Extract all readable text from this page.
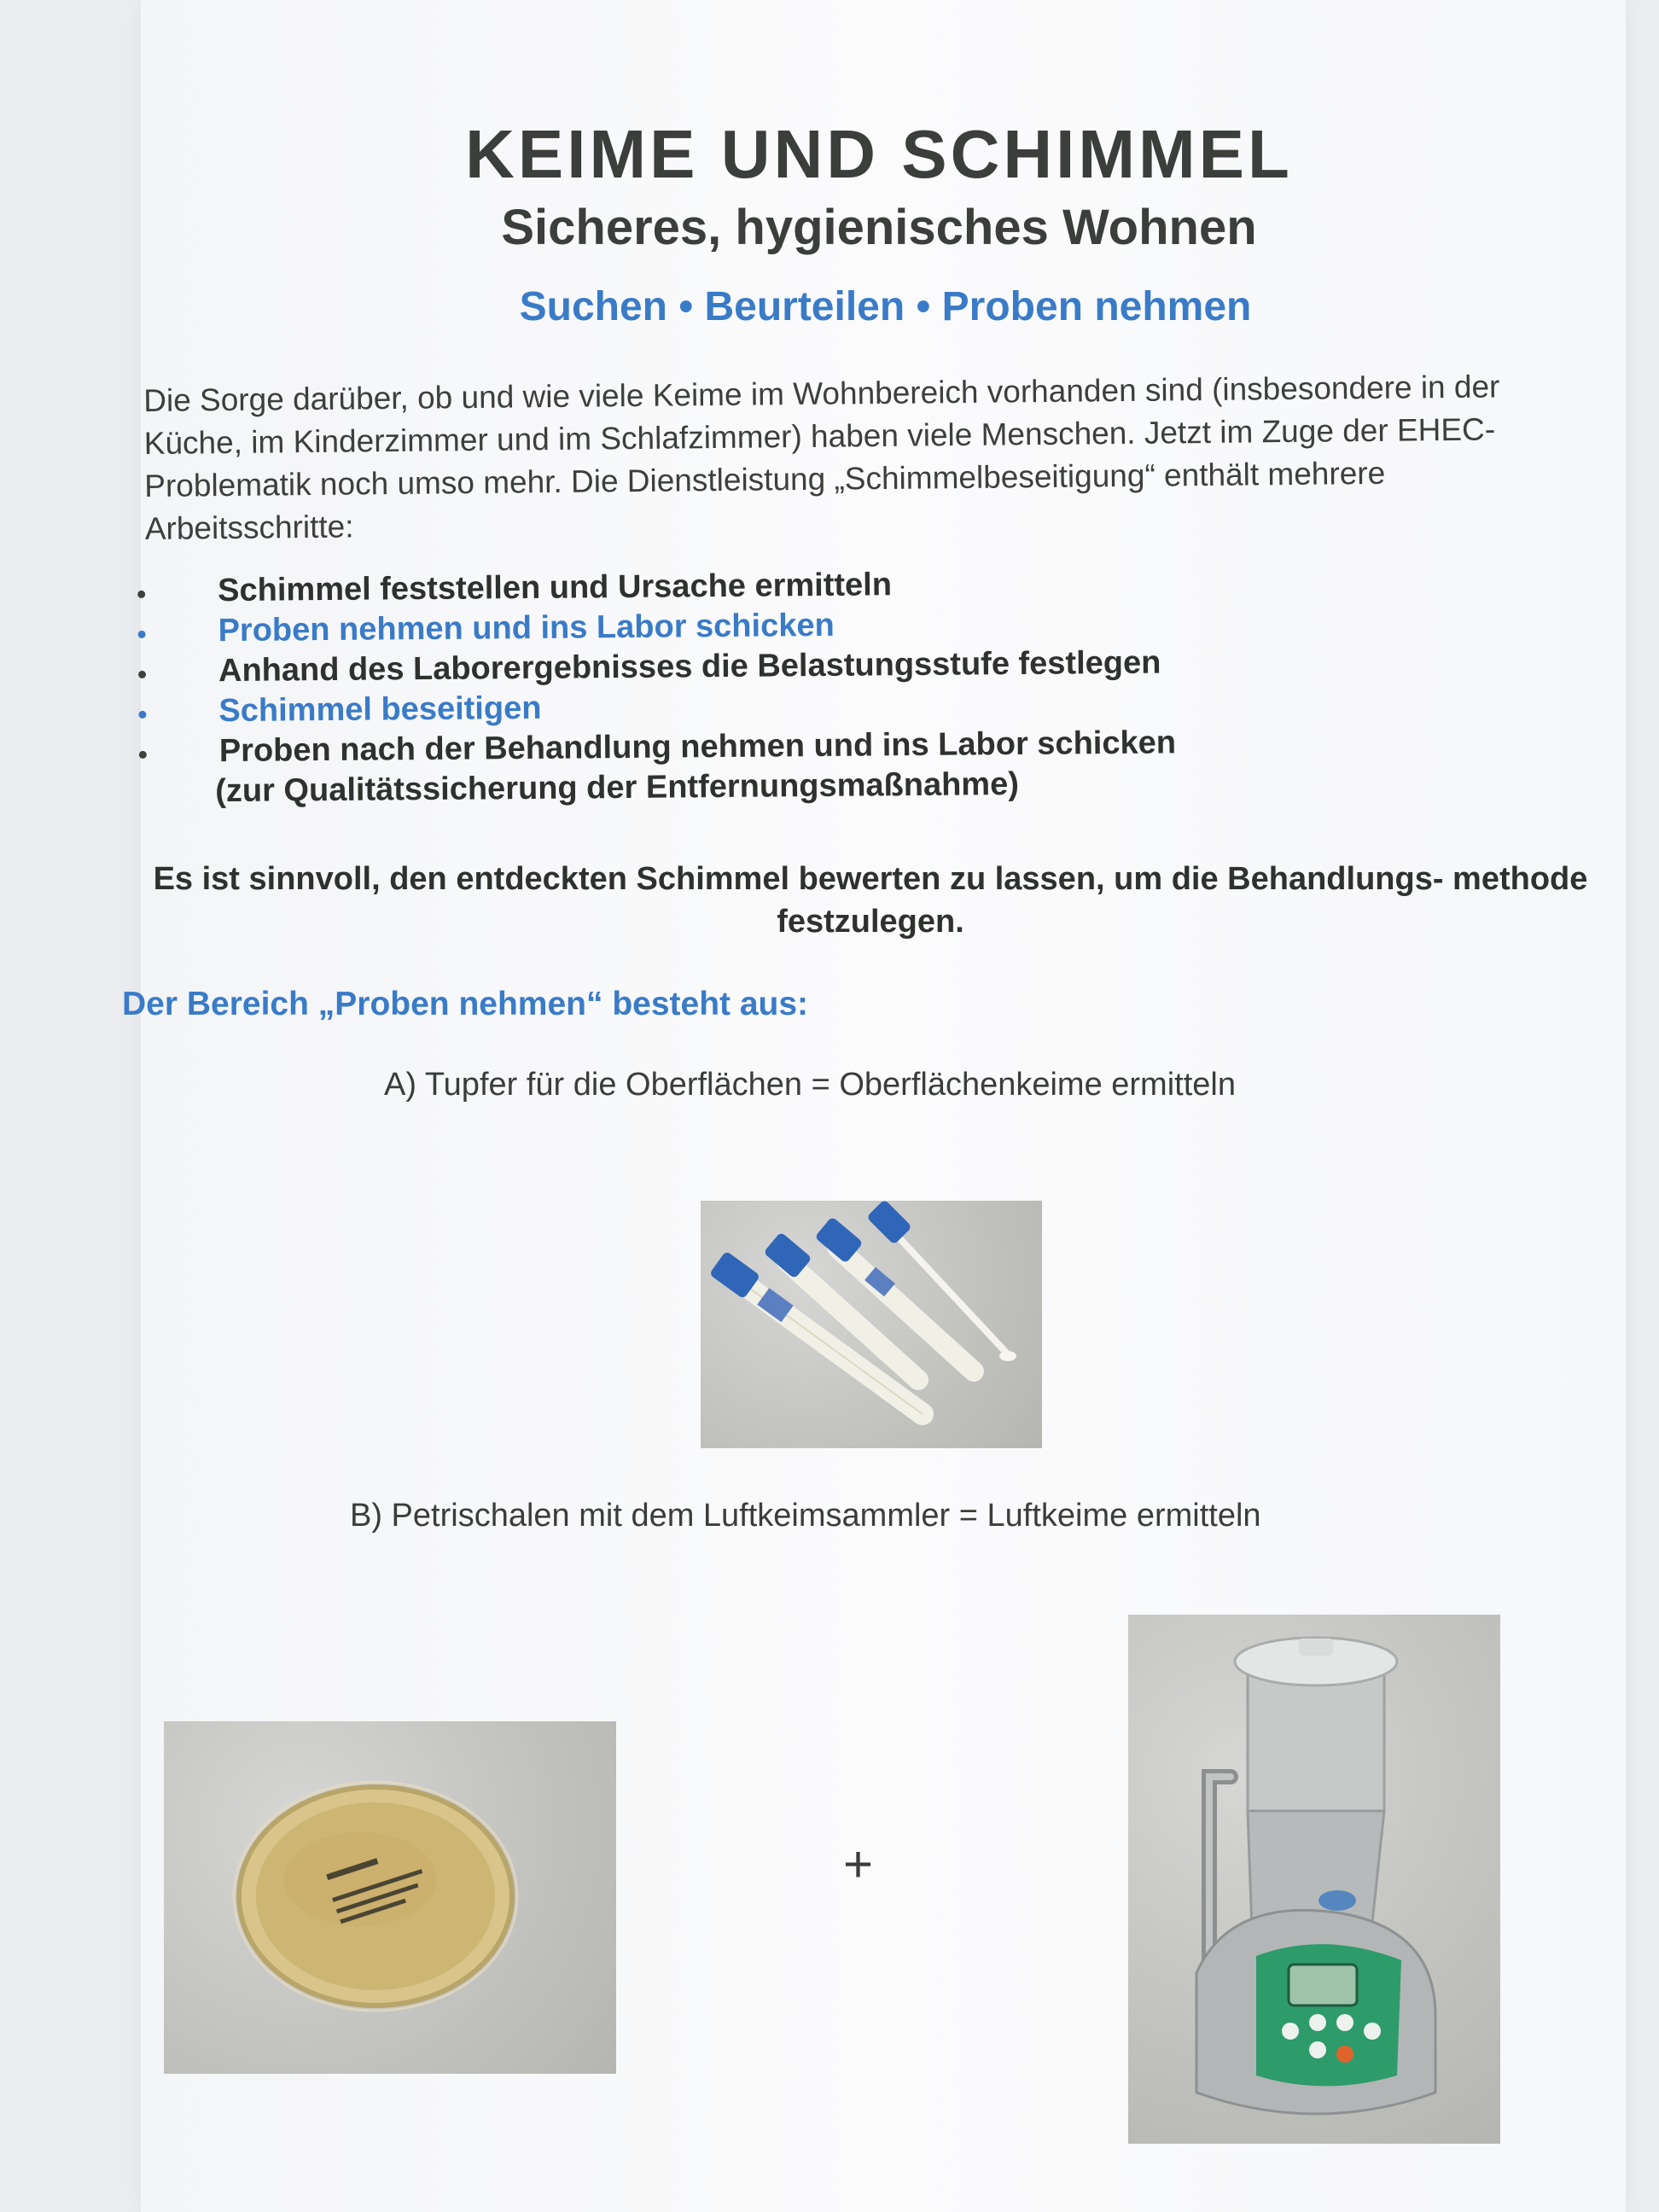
KEIME UND SCHIMMEL
Sicheres, hygienisches Wohnen
Suchen • Beurteilen • Proben nehmen

Die Sorge darüber, ob und wie viele Keime im Wohnbereich vorhanden sind (insbesondere in der Küche, im Kinderzimmer und im Schlafzimmer) haben viele Menschen. Jetzt im Zuge der EHEC-Problematik noch umso mehr. Die Dienstleistung „Schimmelbeseitigung“ enthält mehrere Arbeitsschritte:

Schimmel feststellen und Ursache ermitteln
Proben nehmen und ins Labor schicken
Anhand des Laborergebnisses die Belastungsstufe festlegen
Schimmel beseitigen
Proben nach der Behandlung nehmen und ins Labor schicken
(zur Qualitätssicherung der Entfernungsmaßnahme)

Es ist sinnvoll, den entdeckten Schimmel bewerten zu lassen, um die Behandlungs- methode festzulegen.

Der Bereich „Proben nehmen“ besteht aus:
A) Tupfer für die Oberflächen = Oberflächenkeime ermitteln
B) Petrischalen mit dem Luftkeimsammler = Luftkeime ermitteln
+
